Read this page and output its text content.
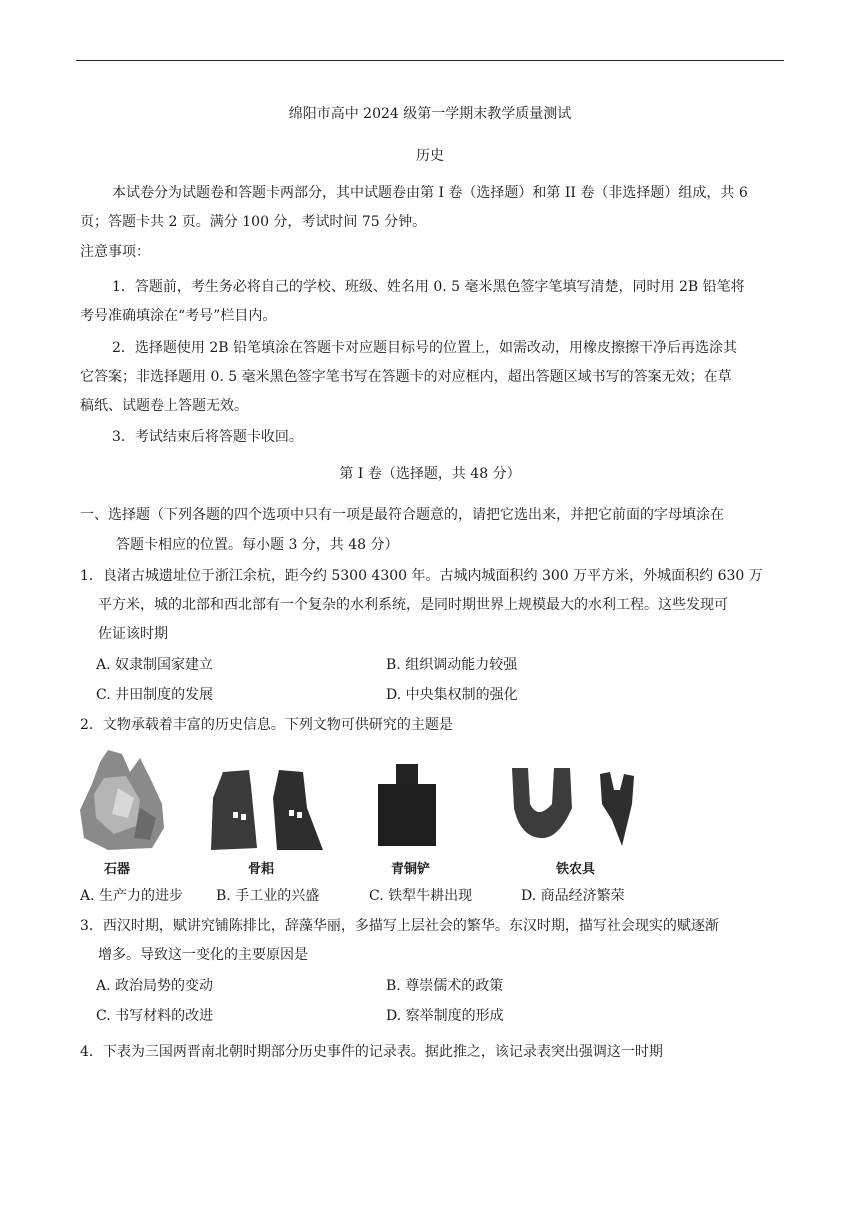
绵阳市高中 2024 级第一学期末教学质量测试
历史
本试卷分为试题卷和答题卡两部分，其中试题卷由第 I 卷（选择题）和第 II 卷（非选择题）组成，共 6
页；答题卡共 2 页。满分 100 分，考试时间 75 分钟。
注意事项：
1．答题前，考生务必将自己的学校、班级、姓名用 0. 5 毫米黑色签字笔填写清楚，同时用 2B 铅笔将
考号准确填涂在“考号”栏目内。
2．选择题使用 2B 铅笔填涂在答题卡对应题目标号的位置上，如需改动，用橡皮擦擦干净后再选涂其
它答案；非选择题用 0. 5 毫米黑色签字笔书写在答题卡的对应框内，超出答题区域书写的答案无效；在草
稿纸、试题卷上答题无效。
3．考试结束后将答题卡收回。
第 I 卷（选择题，共 48 分）
一、选择题（下列各题的四个选项中只有一项是最符合题意的，请把它选出来，并把它前面的字母填涂在
答题卡相应的位置。每小题 3 分，共 48 分）
1．良渚古城遗址位于浙江余杭，距今约 5300 4300 年。古城内城面积约 300 万平方米，外城面积约 630 万
平方米，城的北部和西北部有一个复杂的水利系统，是同时期世界上规模最大的水利工程。这些发现可
佐证该时期
A. 奴隶制国家建立	B. 组织调动能力较强
C. 井田制度的发展	D. 中央集权制的强化
2．文物承载着丰富的历史信息。下列文物可供研究的主题是
石器	骨耜	青铜铲	铁农具
A. 生产力的进步 B. 手工业的兴盛	C. 铁犁牛耕出现	D. 商品经济繁荣
3．西汉时期，赋讲究铺陈排比，辞藻华丽，多描写上层社会的繁华。东汉时期，描写社会现实的赋逐渐
增多。导致这一变化的主要原因是
A. 政治局势的变动	B. 尊崇儒术的政策
C. 书写材料的改进	D. 察举制度的形成
4．下表为三国两晋南北朝时期部分历史事件的记录表。据此推之，该记录表突出强调这一时期
